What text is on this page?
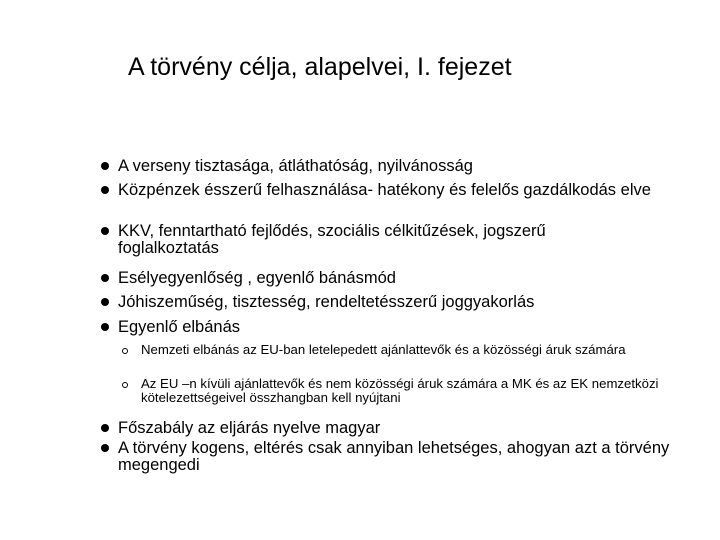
A törvény célja, alapelvei, I. fejezet

A verseny tisztasága, átláthatóság, nyilvánosság

Közpénzek ésszerű felhasználása- hatékony és felelős gazdálkodás elve

KKV, fenntartható fejlődés, szociális célkitűzések, jogszerű foglalkoztatás

Esélyegyenlőség , egyenlő bánásmód

Jóhiszeműség, tisztesség, rendeltetésszerű joggyakorlás

Egyenlő elbánás

Nemzeti elbánás az EU-ban letelepedett ajánlattevők és a közösségi áruk számára

Az EU –n kívüli ajánlattevők és nem közösségi áruk számára a MK és az EK nemzetközi kötelezettségeivel összhangban kell nyújtani

Főszabály az eljárás nyelve magyar

A törvény kogens, eltérés csak annyiban lehetséges, ahogyan azt a törvény megengedi
